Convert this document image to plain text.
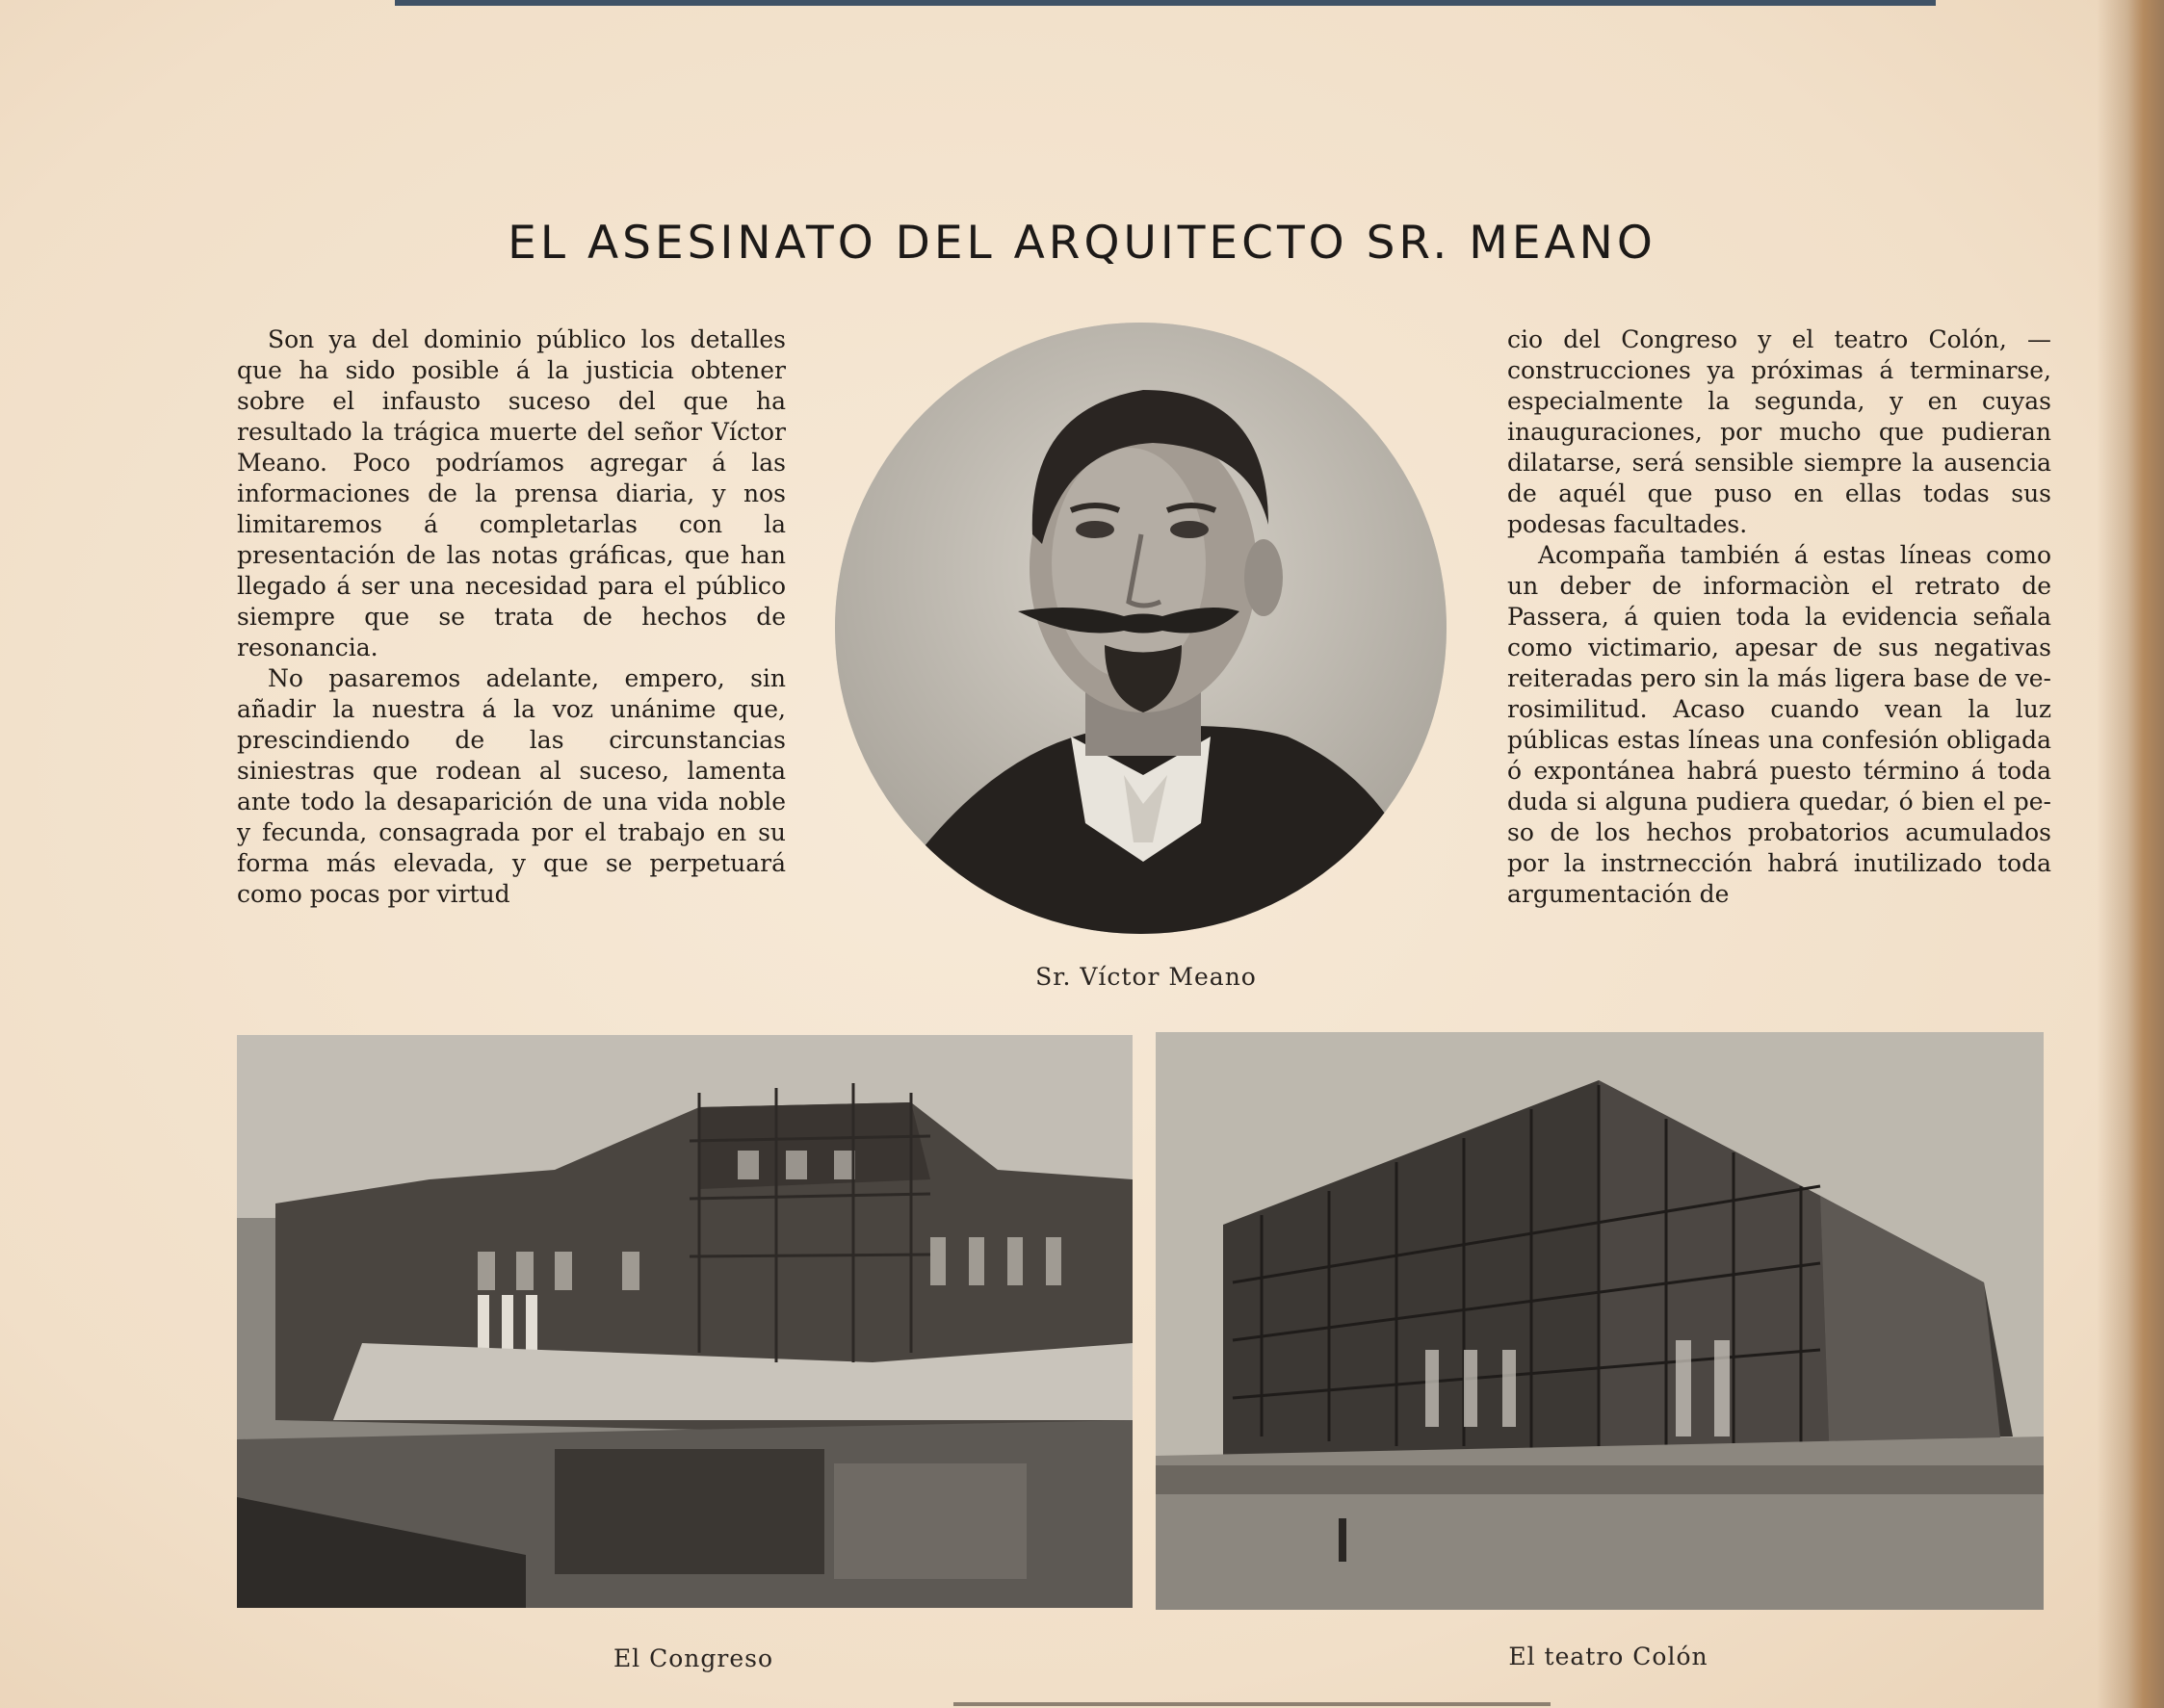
EL ASESINATO DEL ARQUITECTO SR. MEANO

Son ya del dominio público los detalles que ha sido posible á la justicia obtener sobre el infausto suceso del que ha resultado la trágica muerte del señor Víctor Meano. Poco podríamos agregar á las informaciones de la prensa diaria, y nos limitaremos á completarlas con la presentación de las notas gráficas, que han llegado á ser una necesidad para el público siempre que se trata de hechos de resonancia.

No pasaremos adelante, empero, sin añadir la nuestra á la voz unánime que, prescindiendo de las circunstancias siniestras que rodean al suceso, lamenta ante todo la desaparición de una vida noble y fecunda, consagrada por el trabajo en su forma más elevada, y que se perpetuará como pocas por virtud

Sr. Víctor Meano

cio del Congreso y el teatro Colón, —construcciones ya próximas á terminarse, especialmente la segunda, y en cuyas inauguraciones, por mucho que pudieran dilatarse, será sensible siempre la ausencia de aquél que puso en ellas todas sus podesas facultades.

Acompaña también á estas líneas como un deber de informaciòn el retrato de Passera, á quien toda la evidencia señala como victimario, apesar de sus negativas reiteradas pero sin la más ligera base de verosimilitud. Acaso cuando vean la luz públicas estas líneas una confesión obligada ó expontánea habrá puesto término á toda duda si alguna pudiera quedar, ó bien el peso de los hechos probatorios acumulados por la instrnección habrá inutilizado toda argumentación de

El Congreso	El teatro Colón
